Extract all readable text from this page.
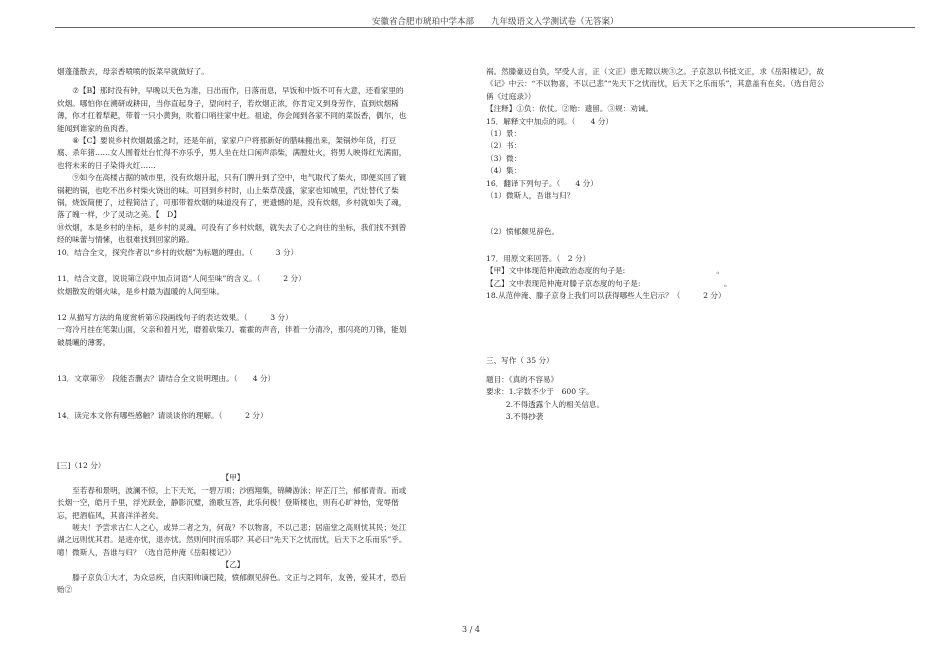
安徽省合肥市琥珀中学本部　　九年级语文入学测试卷（无答案）

烟蓬蓬散去，母亲香喷喷的饭菜早就做好了。

⑦【B】那时没有钟，早晚以天色为准，日出而作，日落而息，早饭和中饭不可有大意，还看家里的炊烟。哪怕你在溯研或耕田，当你直起身子，望向村子，若炊烟正浓，你肯定又到身劳作，直到炊烟稀薄，你才扛着犁耙，带着一只小黄狗，吹着口哨往家中赶。祖途，你会闻到各家不同的菜饭香，偶尔，也能闻到谁家的鱼肉香。

⑧【C】要说乡村炊烟最盛之时，还是年前，家家户户将那新好的腊味搬出来，架锅炒年货，打豆腐、杀年猪……女人围着灶台忙得不亦乐乎，男人坐在灶口闲声添柴，满膛灶火，将男人映得红光满面，也将未来的日子染得火红……

⑨如今在高楼占据的城市里，没有炊烟升起，只有门脾升到了空中，电气取代了柴火，即便买回了镀锅耙的锅，也吃不出乡村柴火饶出的味。可回到乡村时，山上柴草茂盛，家家也知城里，汽灶替代了柴锅，烧饭简便了，过程简洁了，可那带着炊烟的味道没有了，更遗憾的是，没有炊烟，乡村就如失了魂，落了魄一样，少了灵动之美。【　D】

⑩炊烟，本是乡村的坐标，是乡村的灵魂。可没有了乡村炊烟，就失去了心之向往的坐标，我们找不到曾经的味蕾与情愫，也很难找到回家的路。

10．结合全文，探究作者以“乡村的炊烟”为标题的理由。（　　　3 分）

11．结合文意，说说第②段中加点词语“人间至味”的含义。（　　　2 分）

炊烟散发的烟火味，是乡村最为温暖的人间至味。

12 从描写方法的角度赏析第⑥段画线句子的表达效果。（　　　3 分）

一弯冷月挂在笔架山面，父亲和着月光，磨着砍柴刀。霍霍的声音，伴着一分清冷，那闪亮的刀锋，能划破晨曦的薄雾。

13．文章第⑨　段能否删去？请结合全文说明理由。（　　4 分）

14．读完本文你有哪些感触？请谈谈你的理解。（　　　2 分）

[三]（12 分）

【甲】

至若春和景明，波澜不惊，上下天光，一碧万顷；沙鸥翔集，锦鳞游泳；岸芷汀兰，郁郁青青。而或长烟一空，皓月千里，浮光跃金，静影沉璧，渔歌互答，此乐何极！登斯楼也，则有心旷神怡，宠辱偕忘，把酒临风，其喜洋洋者矣。

嗟夫！予尝求古仁人之心，或异二者之为，何哉？不以物喜，不以己悲；居庙堂之高则忧其民；处江湖之远则忧其君。是进亦忧，退亦忧。然则何时而乐耶？其必曰“先天下之忧而忧，后天下之乐而乐”乎。噫！微斯人，吾谁与归？（选自范仲淹《岳阳楼记》）

【乙】

滕子京负①大才，为众忌疾，自庆阳帅谪巴陵，愤郁颇见辞色。文正与之同年，友善，爱其才，恐后贻②

祸。然滕豪迈自负，罕受人言，正（文正）患无隙以规③之。子京忽以书抵文正，求《岳阳楼记》，故《记》中云：“不以物喜，不以己悲”“先天下之忧而忧，后天下之乐而乐”，其意盖有在矣。（选自范公偁《过庭录》）

【注释】①负：依仗。②贻：遗留。③规：劝诫。

15．解释文中加点的词。（　　4 分）

（1）景：

（2）书：

（3）微：

（4）集：

16．翻译下列句子。（　　4 分）

（1）微斯人，吾谁与归？

（2）愤郁颇见辞色。

17．用原文来回答。（　2 分）

【甲】文中体现范仲淹政治态度的句子是:　　　　　　　　　　　　。

【乙】文中表现范仲淹对滕子京态度的句子是:　　　　　　　　　　　。

18.从范仲淹、滕子京身上我们可以获得哪些人生启示？（　　　2 分）

三、写作（ 35 分）

题目：《真的不容易》

要求：1.字数不少于　600 字。

2.不得透露个人的相关信息。

3.不得抄袭

3 / 4
